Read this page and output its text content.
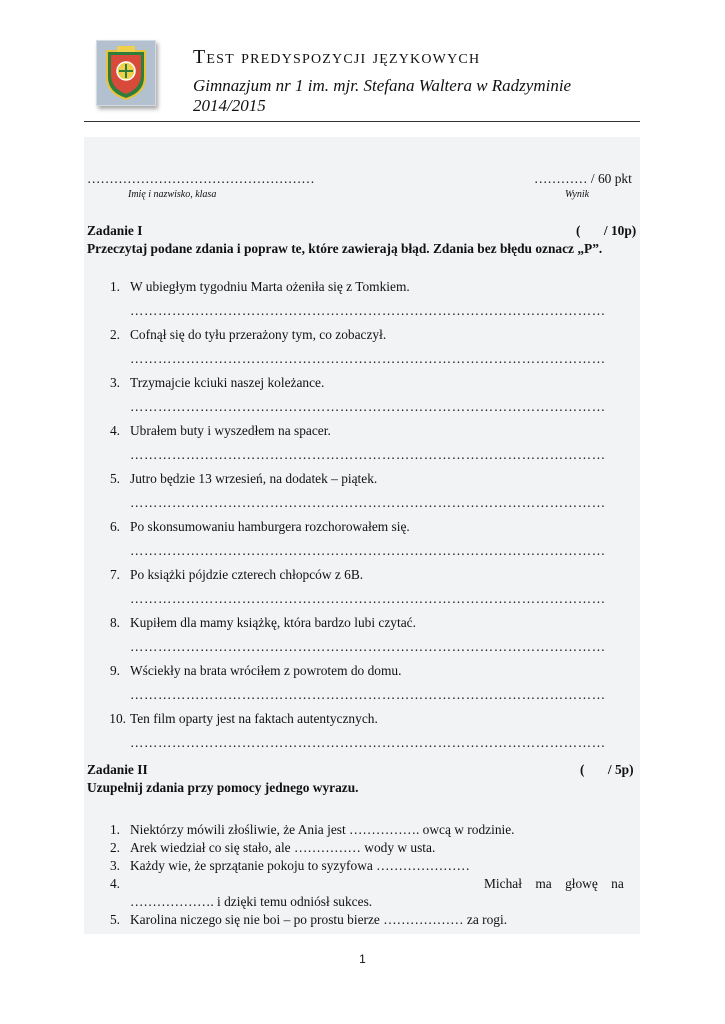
Test predyspozycji językowych
Gimnazjum nr 1 im. mjr. Stefana Waltera w Radzyminie
2014/2015
……………………………………………
Imię i nazwisko, klasa
………… / 60 pkt
Wynik
Zadanie I	(       / 10p)
Przeczytaj podane zdania i popraw te, które zawierają błąd. Zdania bez błędu oznacz „P”.
1. W ubiegłym tygodniu Marta ożeniła się z Tomkiem.
…………………………………………………………………………………………
2. Cofnął się do tyłu przerażony tym, co zobaczył.
…………………………………………………………………………………………
3. Trzymajcie kciuki naszej koleżance.
…………………………………………………………………………………………
4. Ubrałem buty i wyszedłem na spacer.
…………………………………………………………………………………………
5. Jutro będzie 13 wrzesień, na dodatek – piątek.
…………………………………………………………………………………………
6. Po skonsumowaniu hamburgera rozchorowałem się.
…………………………………………………………………………………………
7. Po książki pójdzie czterech chłopców z 6B.
…………………………………………………………………………………………
8. Kupiłem dla mamy książkę, która bardzo lubi czytać.
…………………………………………………………………………………………
9. Wściekły na brata wróciłem z powrotem do domu.
…………………………………………………………………………………………
10. Ten film oparty jest na faktach autentycznych.
…………………………………………………………………………………………
Zadanie II	(       / 5p)
Uzupełnij zdania przy pomocy jednego wyrazu.
1. Niektórzy mówili złośliwie, że Ania jest ……………. owcą w rodzinie.
2. Arek wiedział co się stało, ale …………… wody w usta.
3. Każdy wie, że sprzątanie pokoju to syzyfowa …………………
4.	Michał    ma    głowę    na
………………. i dzięki temu odniósł sukces.
5. Karolina niczego się nie boi – po prostu bierze ……………… za rogi.
1
